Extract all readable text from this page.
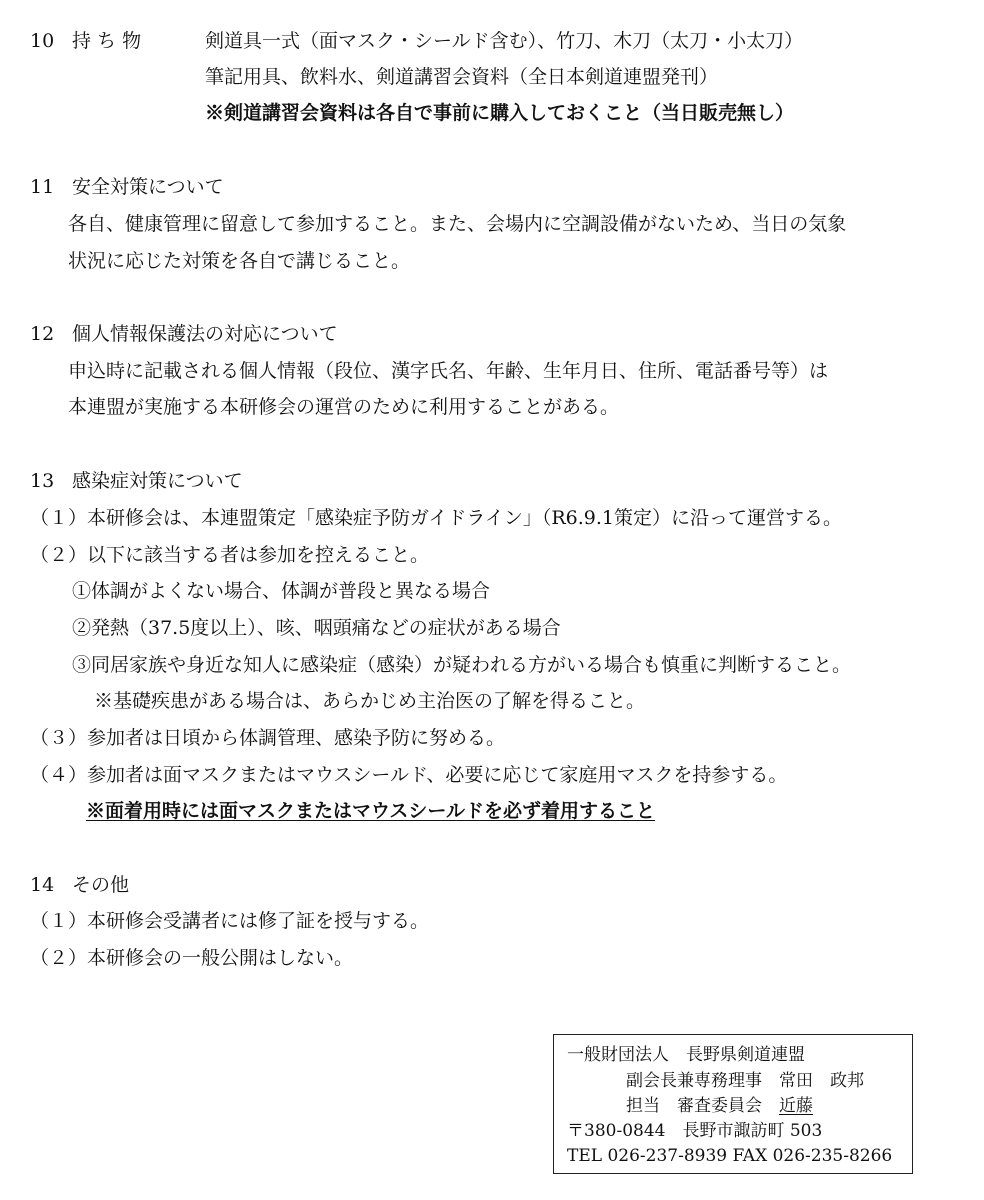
10 持 ち 物	剣道具一式（面マスク・シールド含む）、竹刀、木刀（太刀・小太刀）
筆記用具、飲料水、剣道講習会資料（全日本剣道連盟発刊）
※剣道講習会資料は各自で事前に購入しておくこと（当日販売無し）
11 安全対策について
各自、健康管理に留意して参加すること。また、会場内に空調設備がないため、当日の気象
状況に応じた対策を各自で講じること。
12 個人情報保護法の対応について
申込時に記載される個人情報（段位、漢字氏名、年齢、生年月日、住所、電話番号等）は
本連盟が実施する本研修会の運営のために利用することがある。
13 感染症対策について
（１）本研修会は、本連盟策定「感染症予防ガイドライン」（R6.9.1策定）に沿って運営する。
（２）以下に該当する者は参加を控えること。
①体調がよくない場合、体調が普段と異なる場合
②発熱（37.5度以上）、咳、咽頭痛などの症状がある場合
③同居家族や身近な知人に感染症（感染）が疑われる方がいる場合も慎重に判断すること。
※基礎疾患がある場合は、あらかじめ主治医の了解を得ること。
（３）参加者は日頃から体調管理、感染予防に努める。
（４）参加者は面マスクまたはマウスシールド、必要に応じて家庭用マスクを持参する。
※面着用時には面マスクまたはマウスシールドを必ず着用すること
14 その他
（１）本研修会受講者には修了証を授与する。
（２）本研修会の一般公開はしない。
一般財団法人　長野県剣道連盟
副会長兼専務理事　常田　政邦
担当　審査委員会　 近藤
〒380-0844　長野市諏訪町 503
TEL 026-237-8939 FAX 026-235-8266
